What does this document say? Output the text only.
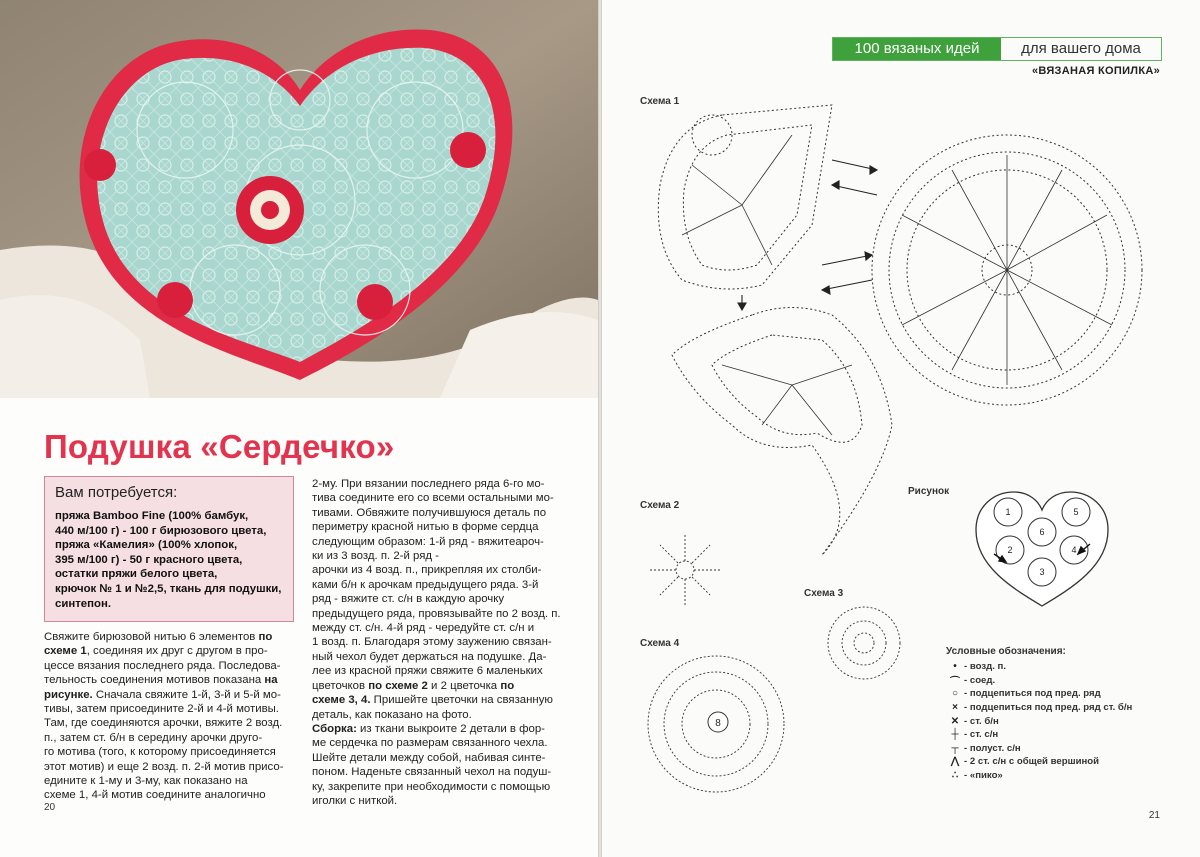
Подушка «Сердечко»
Вам потребуется:
пряжа Bamboo Fine (100% бамбук,
440 м/100 г) - 100 г бирюзового цвета,
пряжа «Камелия» (100% хлопок,
395 м/100 г) - 50 г красного цвета,
остатки пряжи белого цвета,
крючок № 1 и №2,5, ткань для подушки,
синтепон.
Свяжите бирюзовой нитью 6 элементов по схеме 1, соединяя их друг с другом в про-
цессе вязания последнего ряда. Последова-
тельность соединения мотивов показана на рисунке. Сначала свяжите 1-й, 3-й и 5-й мо-
тивы, затем присоедините 2-й и 4-й мотивы.
Там, где соединяются арочки, вяжите 2 возд.
п., затем ст. б/н в середину арочки друго-
го мотива (того, к которому присоединяется
этот мотив) и еще 2 возд. п. 2-й мотив присо-
едините к 1-му и 3-му, как показано на
схеме 1, 4-й мотив соедините аналогично
2-му. При вязании последнего ряда 6-го мо-
тива соедините его со всеми остальными мо-
тивами. Обвяжите получившуюся деталь по
периметру красной нитью в форме сердца
следующим образом: 1-й ряд - вяжитеароч-
ки из 3 возд. п. 2-й ряд -
арочки из 4 возд. п., прикрепляя их столби-
ками б/н к арочкам предыдущего ряда. 3-й
ряд - вяжите ст. с/н в каждую арочку
предыдущего ряда, провязывайте по 2 возд. п.
между ст. с/н. 4-й ряд - чередуйте ст. с/н и
1 возд. п. Благодаря этому заужению связан-
ный чехол будет держаться на подушке. Да-
лее из красной пряжи свяжите 6 маленьких
цветочков по схеме 2 и 2 цветочка по
схеме 3, 4. Пришейте цветочки на связанную
деталь, как показано на фото.
Сборка: из ткани выкроите 2 детали в фор-
ме сердечка по размерам связанного чехла.
Шейте детали между собой, набивая синте-
поном. Наденьте связанный чехол на подуш-
ку, закрепите при необходимости с помощью
иголки с ниткой.
20
100 вязаных идей	для вашего дома
«ВЯЗАНАЯ КОПИЛКА»
Схема 1
Схема 2
Схема 3
Схема 4
Рисунок
8
1
2
3
4
5
6
Условные обозначения:
• - возд. п.
⌒ - соед.
○ - подцепиться под пред. ряд
× - подцепиться под пред. ряд ст. б/н
✕ - ст. б/н
┼ - ст. с/н
┬ - полуст. с/н
⋀ - 2 ст. с/н с общей вершиной
∴ - «пико»
21
